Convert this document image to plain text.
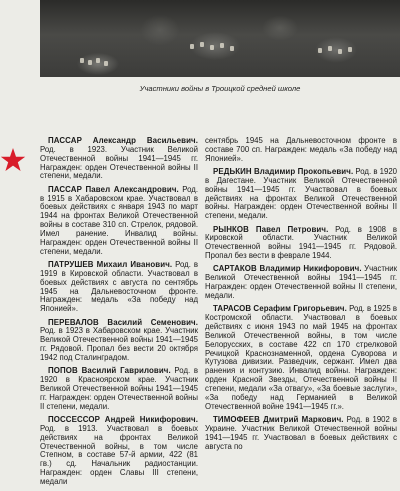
Участники войны в Троицкой средней школе

ПАССАР Александр Васильевич. Род. в 1923. Участник Великой Отечественной войны 1941—1945 гг. Награжден: орден Отечественной войны II степени, медали.

ПАССАР Павел Александрович. Род. в 1915 в Хабаровском крае. Участвовал в боевых действиях с января 1943 по март 1944 на фронтах Великой Отечественной войны в составе 310 сп. Стрелок, рядовой. Имел ранение. Инвалид войны. Награжден: орден Отечественной войны II степени, медали.

ПАТРУШЕВ Михаил Иванович. Род. в 1919 в Кировской области. Участвовал в боевых действиях с августа по сентябрь 1945 на Дальневосточном фронте. Награжден: медаль «За победу над Японией».

ПЕРЕВАЛОВ Василий Семенович. Род. в 1923 в Хабаровском крае. Участник Великой Отечественной войны 1941—1945 гг. Рядовой. Пропал без вести 20 октября 1942 под Сталинградом.

ПОПОВ Василий Гаврилович. Род. в 1920 в Красноярском крае. Участник Великой Отечественной войны 1941—1945 гг. Награжден: орден Отечественной войны II степени, медали.

ПОССЕССОР Андрей Никифорович. Род. в 1913. Участвовал в боевых действиях на фронтах Великой Отечественной войны, в том числе Степном, в составе 57-й армии, 422 (81 гв.) сд. Начальник радиостанции. Награжден: орден Славы III степени, медали

сентябрь 1945 на Дальневосточном фронте в составе 700 сп. Награжден: медаль «За победу над Японией».

РЕДЬКИН Владимир Прокопьевич. Род. в 1920 в Дагестане. Участник Великой Отечественной войны 1941—1945 гг. Участвовал в боевых действиях на фронтах Великой Отечественной войны. Награжден: орден Отечественной войны II степени, медали.

РЫНКОВ Павел Петрович. Род. в 1908 в Кировской области. Участник Великой Отечественной войны 1941—1945 гг. Рядовой. Пропал без вести в феврале 1944.

САРТАКОВ Владимир Никифорович. Участник Великой Отечественной войны 1941—1945 гг. Награжден: орден Отечественной войны II степени, медали.

ТАРАСОВ Серафим Григорьевич. Род. в 1925 в Костромской области. Участвовал в боевых действиях с июня 1943 по май 1945 на фронтах Великой Отечественной войны, в том числе Белорусских, в составе 422 сп 170 стрелковой Речицкой Краснознаменной, ордена Суворова и Кутузова дивизии. Разведчик, сержант. Имел два ранения и контузию. Инвалид войны. Награжден: орден Красной Звезды, Отечественной войны II степени, медали «За отвагу», «За боевые заслуги», «За победу над Германией в Великой Отечественной войне 1941—1945 гг.».

ТИМОФЕЕВ Дмитрий Маркович. Род. в 1902 в Украине. Участник Великой Отечественной войны 1941—1945 гг. Участвовал в боевых действиях с августа по
